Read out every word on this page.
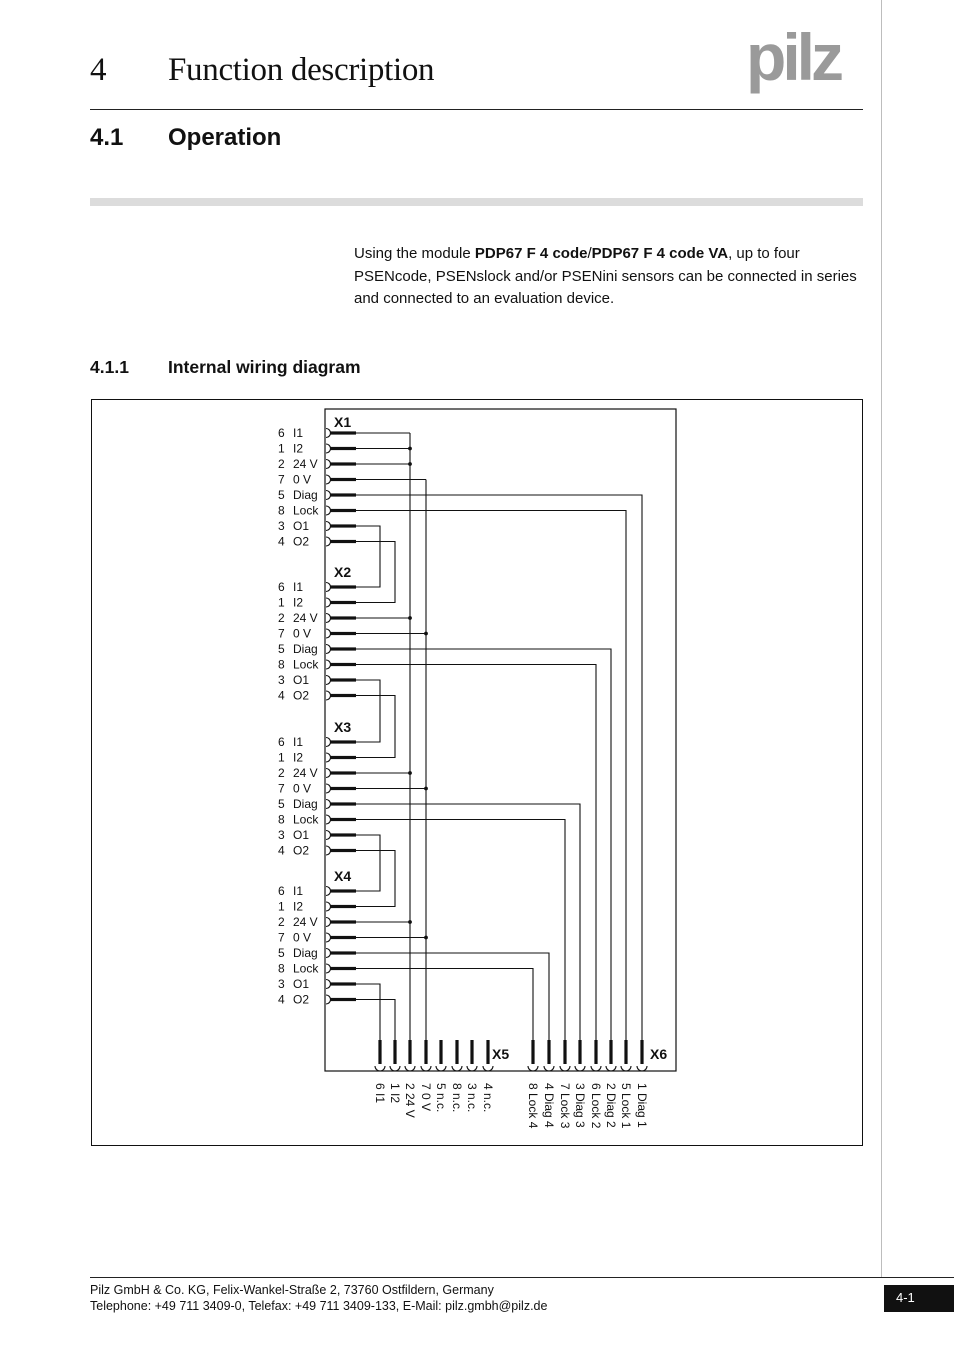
4 Function description	pilz
4.1 Operation

Using the module PDP67 F 4 code/PDP67 F 4 code VA, up to four PSENcode, PSENslock and/or PSENini sensors can be connected in series and connected to an evaluation device.

4.1.1 Internal wiring diagram
X1
6 I1
1 I2
2 24 V
7 0 V
5 Diag
8 Lock
3 O1
4 O2
X2
6 I1
1 I2
2 24 V
7 0 V
5 Diag
8 Lock
3 O1
4 O2
X3
6 I1
1 I2
2 24 V
7 0 V
5 Diag
8 Lock
3 O1
4 O2
X4
6 I1
1 I2
2 24 V
7 0 V
5 Diag
8 Lock
3 O1
4 O2
X5	X6
6 I1 1 I2 2 24 V 7 0 V 5 n.c. 8 n.c. 3 n.c. 4 n.c.	8 Lock 4 4 Diag 4 7 Lock 3 3 Diag 3 6 Lock 2 2 Diag 2 5 Lock 1 1 Diag 1
Pilz GmbH & Co. KG, Felix-Wankel-Straße 2, 73760 Ostfildern, Germany
Telephone: +49 711 3409-0, Telefax: +49 711 3409-133, E-Mail: pilz.gmbh@pilz.de
4-1
